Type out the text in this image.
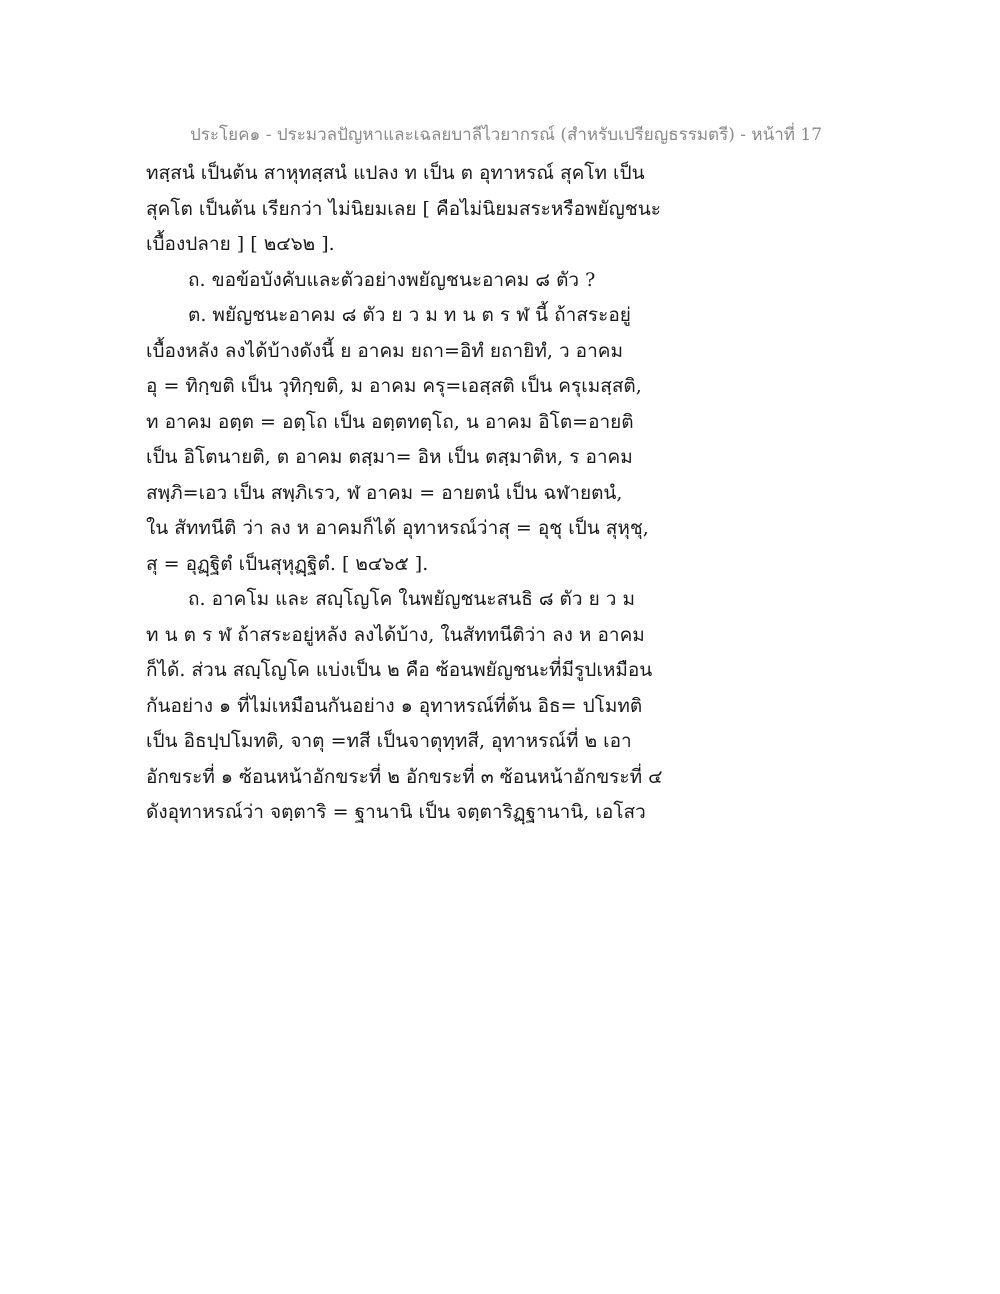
ประโยค๑ - ประมวลปัญหาและเฉลยบาลีไวยากรณ์ (สำหรับเปรียญธรรมตรี) - หน้าที่ 17
ทสฺสนํ เป็นต้น สาหุทสฺสนํ แปลง ท เป็น ต อุทาหรณ์ สุคโท เป็น
สุคโต เป็นต้น เรียกว่า ไม่นิยมเลย [ คือไม่นิยมสระหรือพยัญชนะ
เบื้องปลาย ] [ ๒๔๖๒ ].
ถ. ขอข้อบังคับและตัวอย่างพยัญชนะอาคม ๘ ตัว ?
ต. พยัญชนะอาคม ๘ ตัว ย ว ม ท น ต ร ฬ นี้ ถ้าสระอยู่
เบื้องหลัง ลงได้บ้างดังนี้ ย อาคม ยถา=อิทํ ยถายิทํ, ว อาคม
อุ = ทิกฺขติ เป็น วุทิกฺขติ, ม อาคม ครุ=เอสฺสติ เป็น ครุเมสฺสติ,
ท อาคม อตฺต = อตฺโถ เป็น อตฺตทตฺโถ, น อาคม อิโต=อายติ
เป็น อิโตนายติ, ต อาคม ตสฺมา= อิห เป็น ตสฺมาติห, ร อาคม
สพฺภิ=เอว เป็น สพฺภิเรว, ฬ อาคม = อายตนํ เป็น ฉฬายตนํ,
ใน สัททนีติ ว่า ลง ห อาคมก็ได้ อุทาหรณ์ว่าสุ = อุชุ เป็น สุหุชุ,
สุ = อุฏฺฐิตํ เป็นสุหุฏฺฐิตํ. [ ๒๔๖๕ ].
ถ. อาคโม และ สญฺโญโค ในพยัญชนะสนธิ ๘ ตัว ย ว ม
ท น ต ร ฬ ถ้าสระอยู่หลัง ลงได้บ้าง, ในสัททนีติว่า ลง ห อาคม
ก็ได้. ส่วน สญฺโญโค แบ่งเป็น ๒ คือ ซ้อนพยัญชนะที่มีรูปเหมือน
กันอย่าง ๑ ที่ไม่เหมือนกันอย่าง ๑ อุทาหรณ์ที่ต้น อิธ= ปโมทติ
เป็น อิธปฺปโมทติ, จาตุ =ทสี เป็นจาตุทฺทสี, อุทาหรณ์ที่ ๒ เอา
อักขระที่ ๑ ซ้อนหน้าอักขระที่ ๒ อักขระที่ ๓ ซ้อนหน้าอักขระที่ ๔
ดังอุทาหรณ์ว่า จตฺตาริ = ฐานานิ เป็น จตฺตาริฏฺฐานานิ, เอโสว
